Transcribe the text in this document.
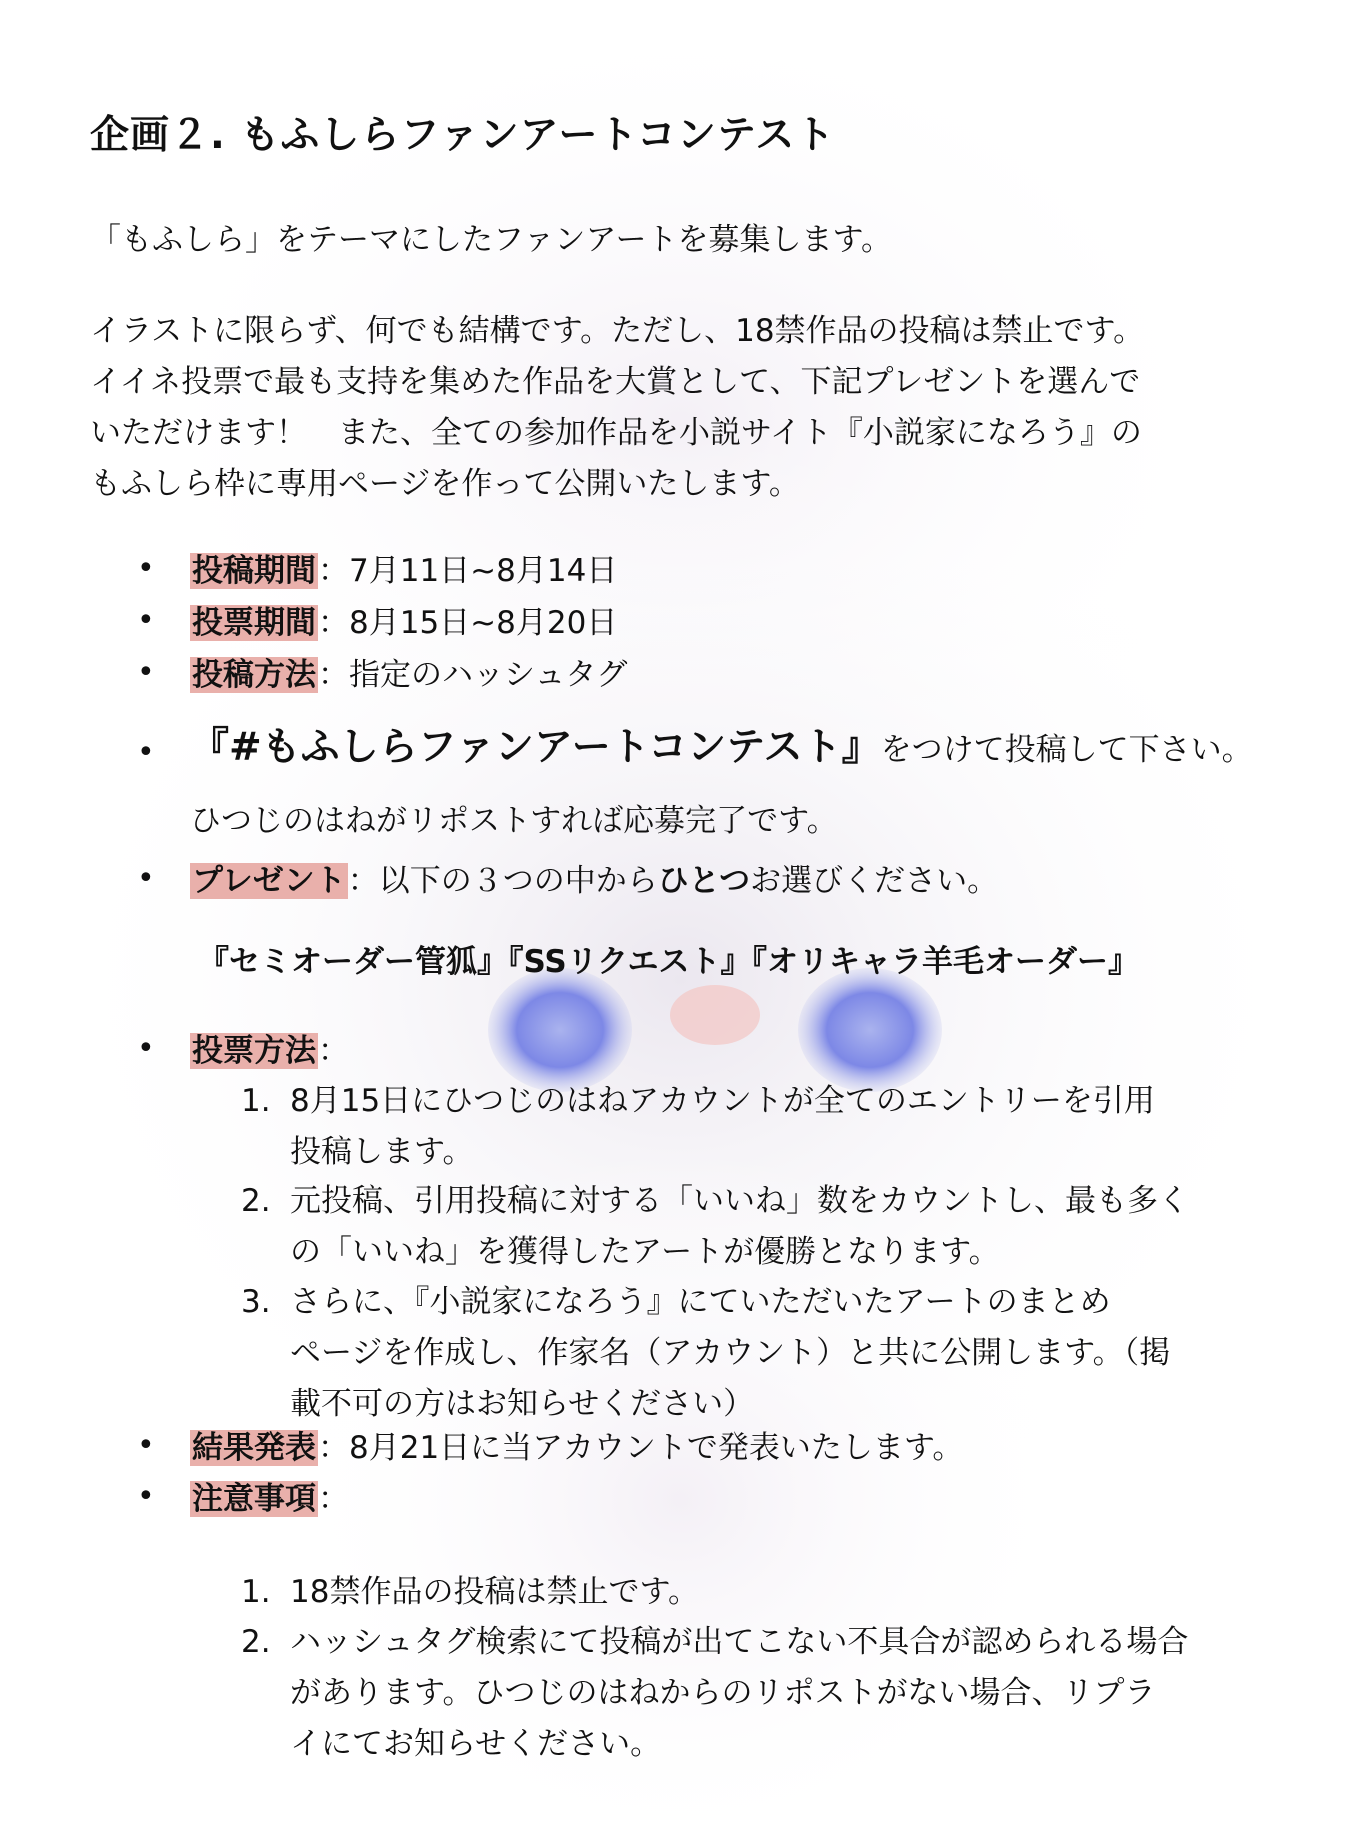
企画２. もふしらファンアートコンテスト
「もふしら」をテーマにしたファンアートを募集します。
イラストに限らず、何でも結構です。ただし、18禁作品の投稿は禁止です。
イイネ投票で最も支持を集めた作品を大賞として、下記プレゼントを選んで
いただけます！　また、全ての参加作品を小説サイト『小説家になろう』の
もふしら枠に専用ページを作って公開いたします。
• 投稿期間：7月11日~8月14日
• 投票期間：8月15日~8月20日
• 投稿方法：指定のハッシュタグ
• 『#もふしらファンアートコンテスト』をつけて投稿して下さい。
ひつじのはねがリポストすれば応募完了です。
• プレゼント：以下の３つの中からひとつお選びください。
『セミオーダー管狐』『SSリクエスト』『オリキャラ羊毛オーダー』
• 投票方法：
1. 8月15日にひつじのはねアカウントが全てのエントリーを引用
投稿します。
2. 元投稿、引用投稿に対する「いいね」数をカウントし、最も多く
の「いいね」を獲得したアートが優勝となります。
3. さらに、『小説家になろう』にていただいたアートのまとめ
ページを作成し、作家名（アカウント）と共に公開します。（掲
載不可の方はお知らせください）
• 結果発表：8月21日に当アカウントで発表いたします。
• 注意事項：
1. 18禁作品の投稿は禁止です。
2. ハッシュタグ検索にて投稿が出てこない不具合が認められる場合
があります。ひつじのはねからのリポストがない場合、リプラ
イにてお知らせください。
